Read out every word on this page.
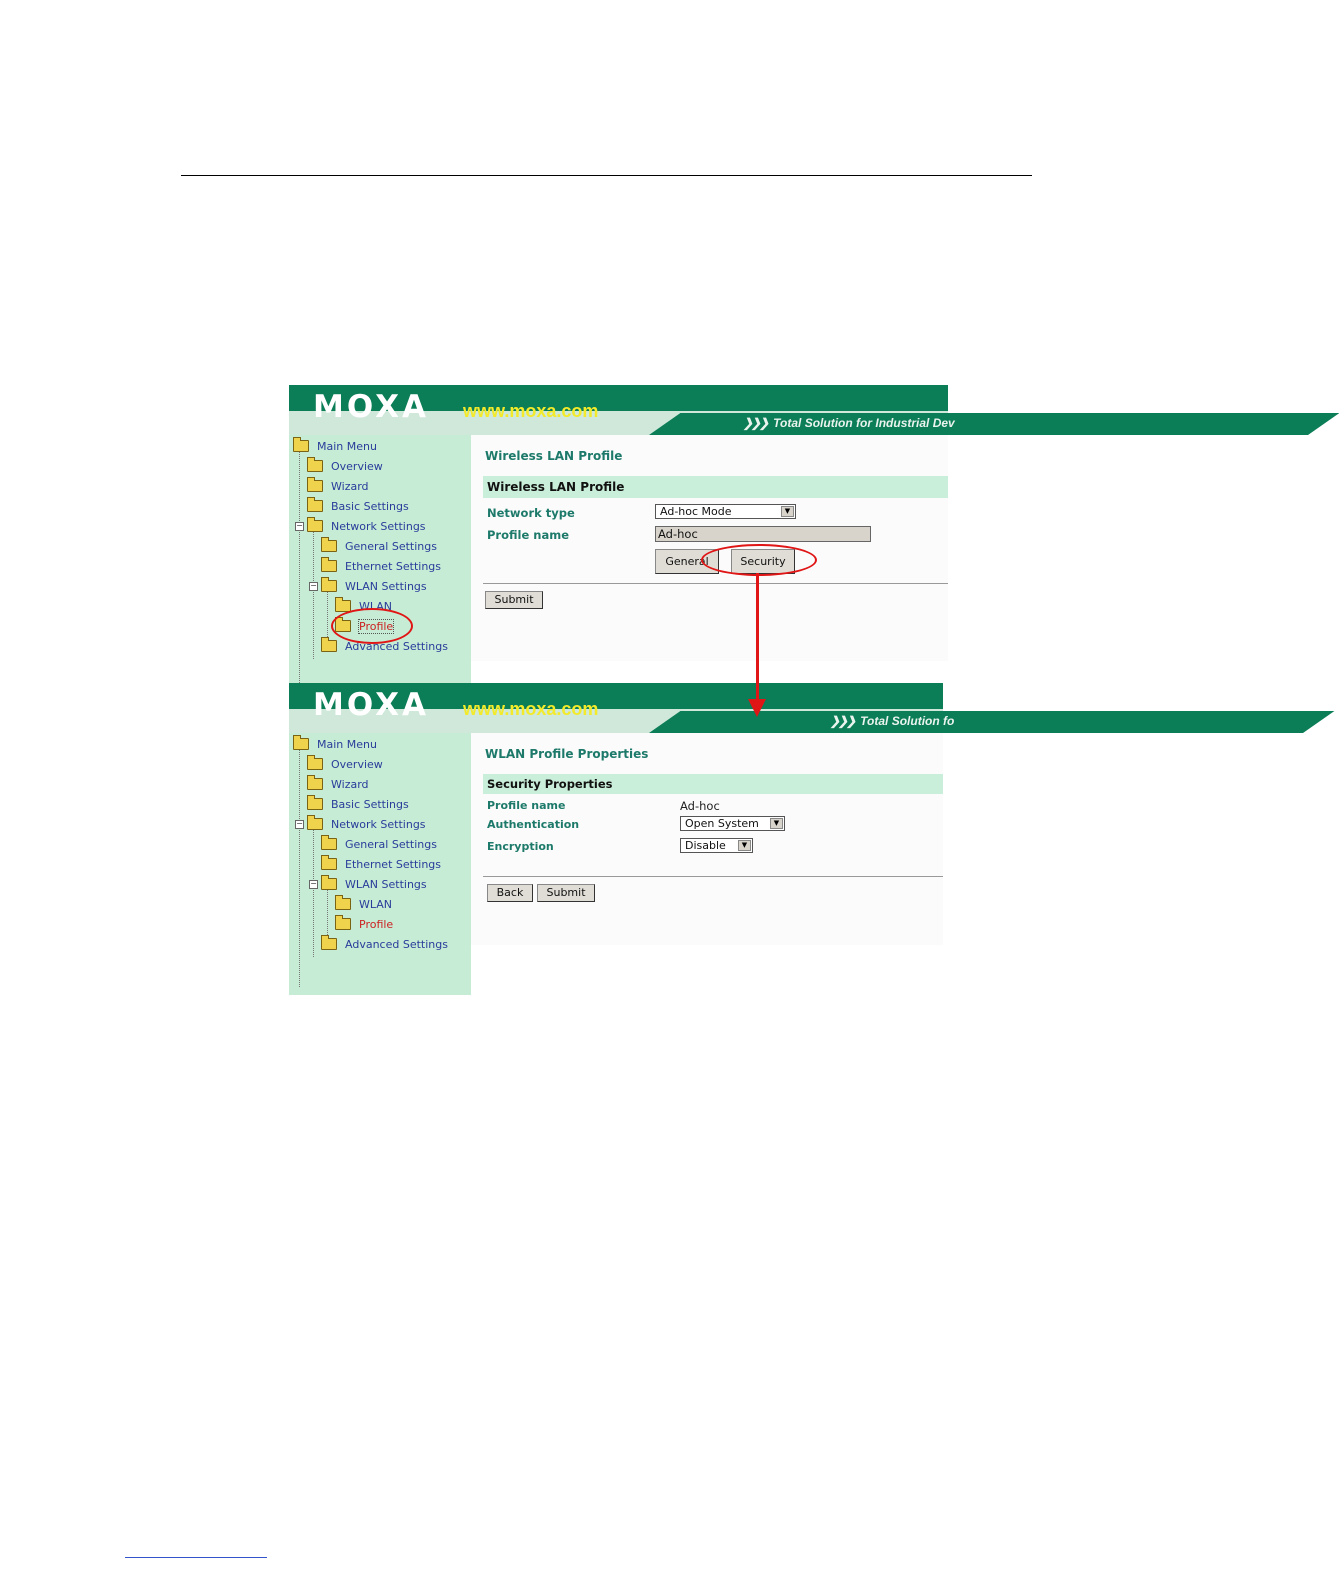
MOXA www.moxa.com
❯❯❯ Total Solution for Industrial Dev
Main Menu
Overview
Wizard
Basic Settings
−	Network Settings
General Settings
Ethernet Settings
−	WLAN Settings
WLAN
Profile
Advanced Settings
Wireless LAN Profile
Wireless LAN Profile
Network type	Ad-hoc Mode	▼
Profile name	Ad-hoc
General	Security
Submit
MOXA www.moxa.com
❯❯❯ Total Solution fo
Main Menu
Overview
Wizard
Basic Settings
−	Network Settings
General Settings
Ethernet Settings
−	WLAN Settings
WLAN
Profile
Advanced Settings
WLAN Profile Properties
Security Properties
Profile name	Ad-hoc
Authentication	Open System	▼
Encryption	Disable	▼
Back	Submit
